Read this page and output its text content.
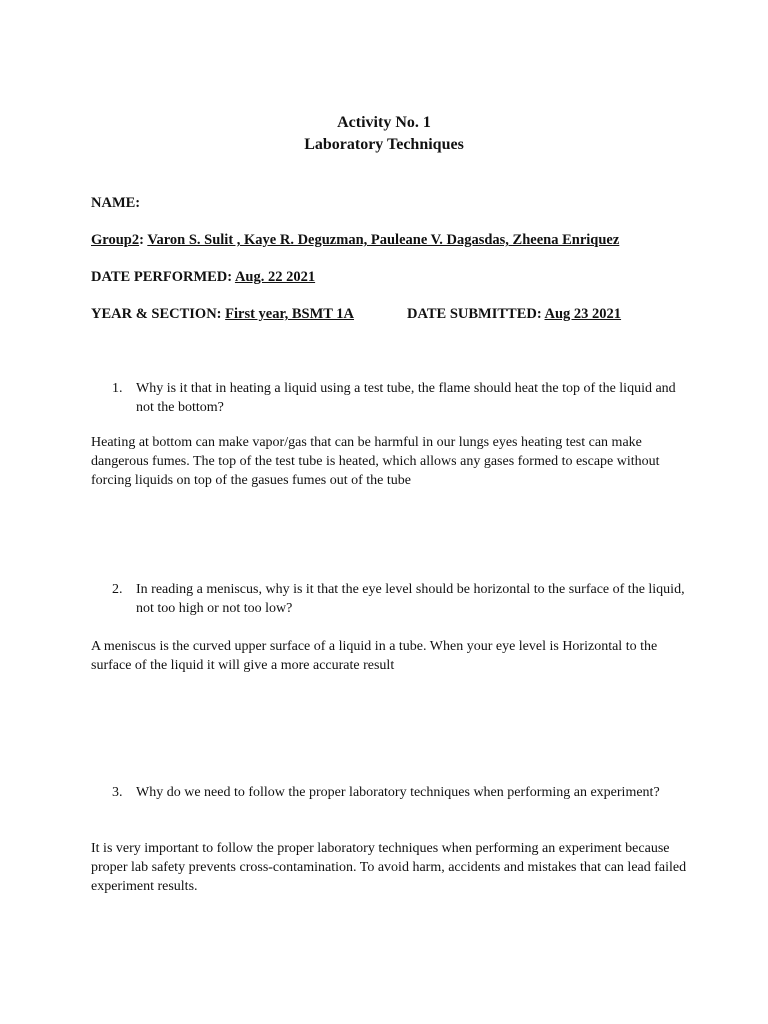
Activity No. 1
Laboratory Techniques
NAME:
Group2: Varon S. Sulit , Kaye R. Deguzman, Pauleane V. Dagasdas, Zheena Enriquez
DATE PERFORMED: Aug. 22 2021
YEAR & SECTION: First year, BSMT 1A	DATE SUBMITTED: Aug 23 2021
1. Why is it that in heating a liquid using a test tube, the flame should heat the top of the liquid and not the bottom?
Heating at bottom can make vapor/gas that can be harmful in our lungs eyes heating test can make dangerous fumes. The top of the test tube is heated, which allows any gases formed to escape without forcing liquids on top of the gasues fumes out of the tube
2. In reading a meniscus, why is it that the eye level should be horizontal to the surface of the liquid, not too high or not too low?
A meniscus is the curved upper surface of a liquid in a tube. When your eye level is Horizontal to the surface of the liquid it will give a more accurate result
3. Why do we need to follow the proper laboratory techniques when performing an experiment?
It is very important to follow the proper laboratory techniques when performing an experiment because proper lab safety prevents cross-contamination. To avoid harm, accidents and mistakes that can lead failed experiment results.
